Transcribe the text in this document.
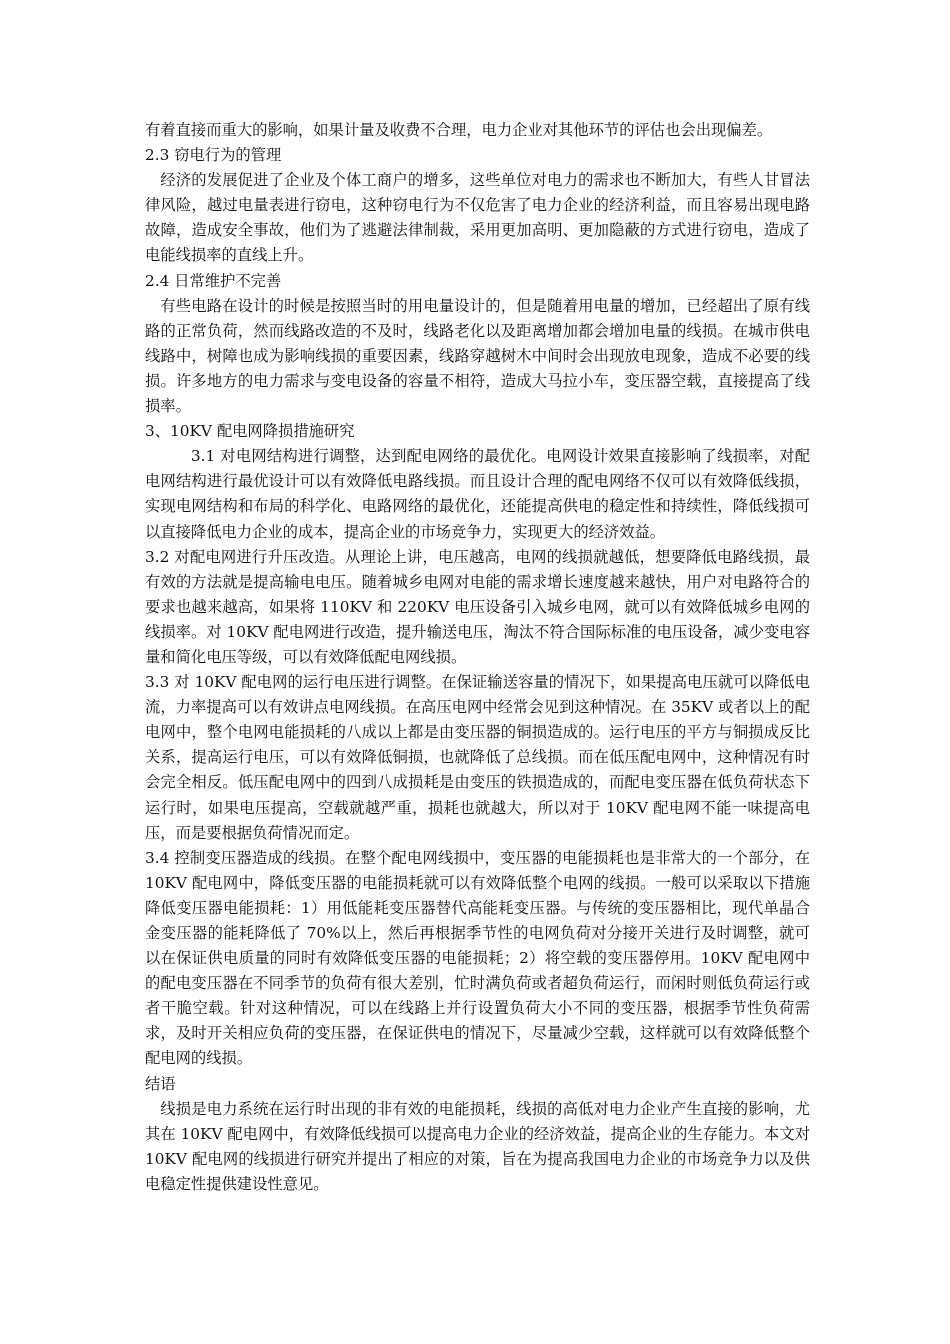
有着直接而重大的影响，如果计量及收费不合理，电力企业对其他环节的评估也会出现偏差。

2.3 窃电行为的管理

经济的发展促进了企业及个体工商户的增多，这些单位对电力的需求也不断加大，有些人甘冒法律风险，越过电量表进行窃电，这种窃电行为不仅危害了电力企业的经济利益，而且容易出现电路故障，造成安全事故，他们为了逃避法律制裁，采用更加高明、更加隐蔽的方式进行窃电，造成了电能线损率的直线上升。

2.4 日常维护不完善

有些电路在设计的时候是按照当时的用电量设计的，但是随着用电量的增加，已经超出了原有线路的正常负荷，然而线路改造的不及时，线路老化以及距离增加都会增加电量的线损。在城市供电线路中，树障也成为影响线损的重要因素，线路穿越树木中间时会出现放电现象，造成不必要的线损。许多地方的电力需求与变电设备的容量不相符，造成大马拉小车，变压器空载，直接提高了线损率。

3、10KV 配电网降损措施研究

3.1 对电网结构进行调整，达到配电网络的最优化。电网设计效果直接影响了线损率，对配电网结构进行最优设计可以有效降低电路线损。而且设计合理的配电网络不仅可以有效降低线损，实现电网结构和布局的科学化、电路网络的最优化，还能提高供电的稳定性和持续性，降低线损可以直接降低电力企业的成本，提高企业的市场竞争力，实现更大的经济效益。

3.2 对配电网进行升压改造。从理论上讲，电压越高，电网的线损就越低，想要降低电路线损，最有效的方法就是提高输电电压。随着城乡电网对电能的需求增长速度越来越快，用户对电路符合的要求也越来越高，如果将 110KV 和 220KV 电压设备引入城乡电网，就可以有效降低城乡电网的线损率。对 10KV 配电网进行改造，提升输送电压，淘汰不符合国际标准的电压设备，减少变电容量和简化电压等级，可以有效降低配电网线损。

3.3 对 10KV 配电网的运行电压进行调整。在保证输送容量的情况下，如果提高电压就可以降低电流，力率提高可以有效讲点电网线损。在高压电网中经常会见到这种情况。在 35KV 或者以上的配电网中，整个电网电能损耗的八成以上都是由变压器的铜损造成的。运行电压的平方与铜损成反比关系，提高运行电压，可以有效降低铜损，也就降低了总线损。而在低压配电网中，这种情况有时会完全相反。低压配电网中的四到八成损耗是由变压的铁损造成的，而配电变压器在低负荷状态下运行时，如果电压提高，空载就越严重，损耗也就越大，所以对于 10KV 配电网不能一味提高电压，而是要根据负荷情况而定。

3.4 控制变压器造成的线损。在整个配电网线损中，变压器的电能损耗也是非常大的一个部分，在 10KV 配电网中，降低变压器的电能损耗就可以有效降低整个电网的线损。一般可以采取以下措施降低变压器电能损耗：1）用低能耗变压器替代高能耗变压器。与传统的变压器相比，现代单晶合金变压器的能耗降低了 70%以上，然后再根据季节性的电网负荷对分接开关进行及时调整，就可以在保证供电质量的同时有效降低变压器的电能损耗；2）将空载的变压器停用。10KV 配电网中的配电变压器在不同季节的负荷有很大差别，忙时满负荷或者超负荷运行，而闲时则低负荷运行或者干脆空载。针对这种情况，可以在线路上并行设置负荷大小不同的变压器，根据季节性负荷需求，及时开关相应负荷的变压器，在保证供电的情况下，尽量减少空载，这样就可以有效降低整个配电网的线损。

结语

线损是电力系统在运行时出现的非有效的电能损耗，线损的高低对电力企业产生直接的影响，尤其在 10KV 配电网中，有效降低线损可以提高电力企业的经济效益，提高企业的生存能力。本文对 10KV 配电网的线损进行研究并提出了相应的对策，旨在为提高我国电力企业的市场竞争力以及供电稳定性提供建设性意见。
